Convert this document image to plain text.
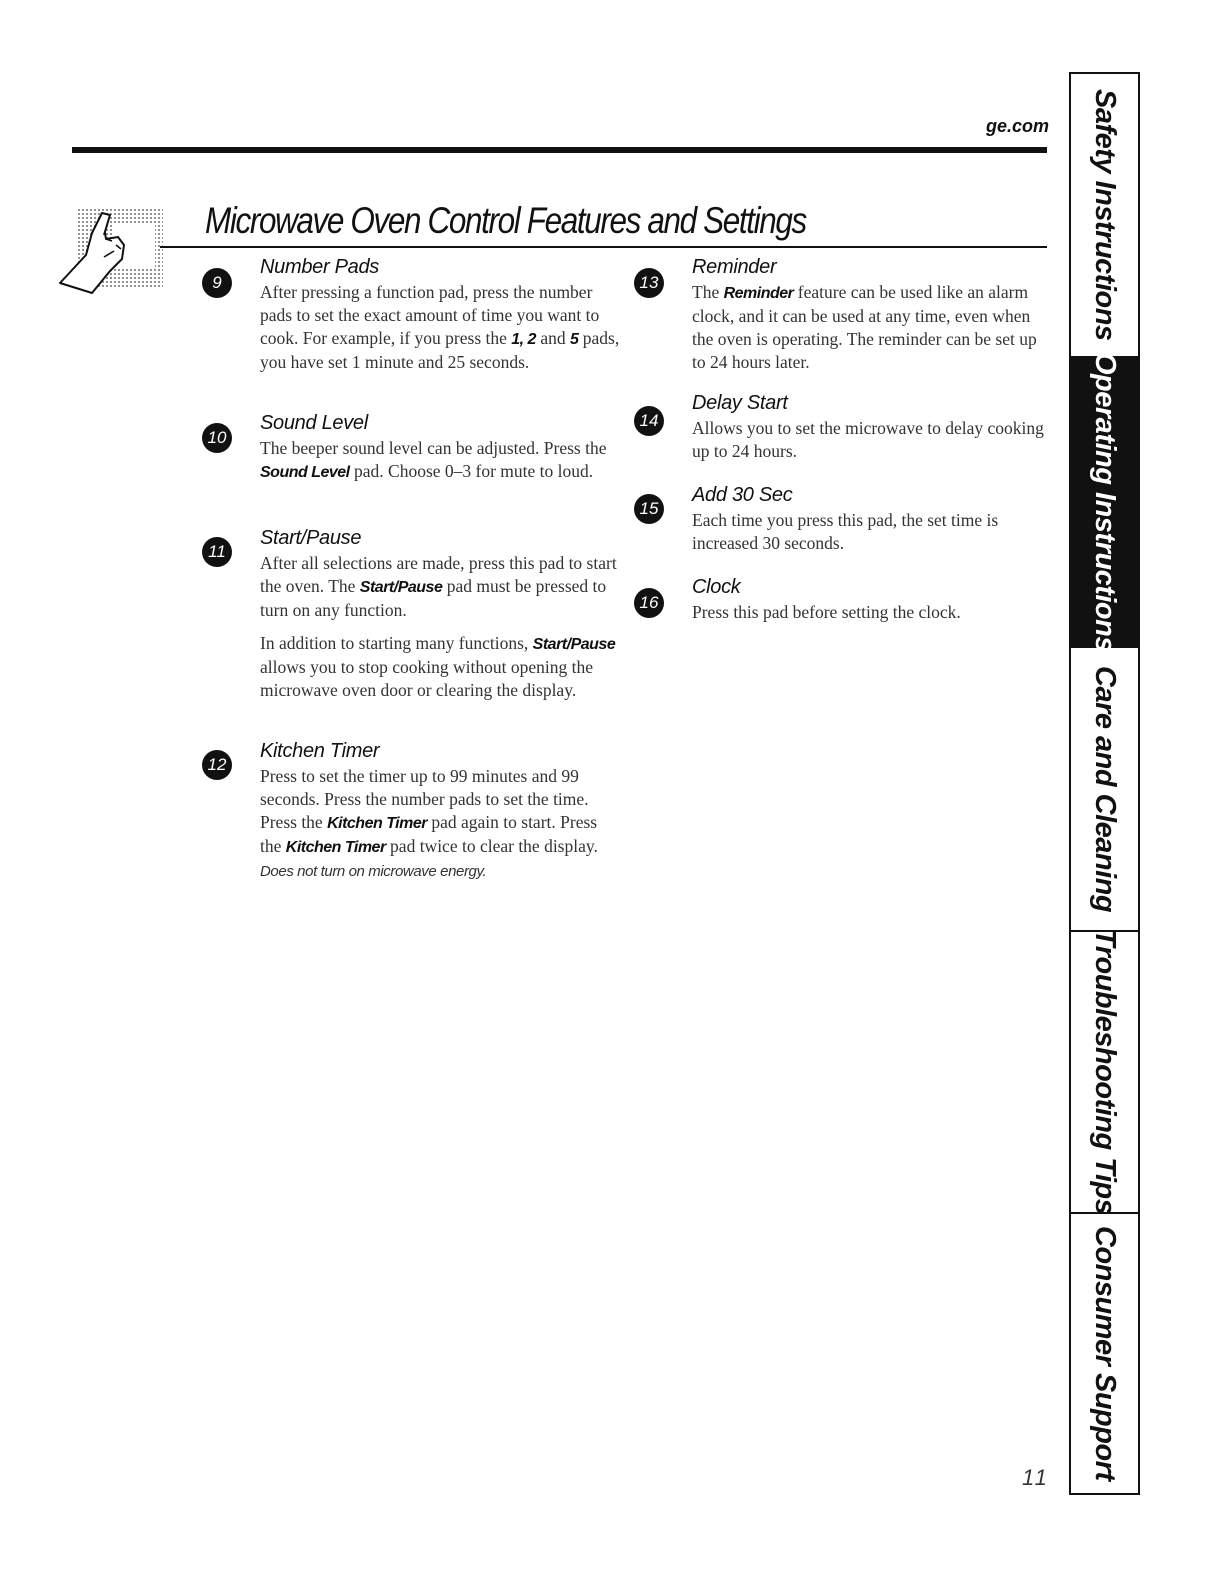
ge.com
Microwave Oven Control Features and Settings
9
Number Pads

After pressing a function pad, press the number pads to set the exact amount of time you want to cook. For example, if you press the 1, 2 and 5 pads, you have set 1 minute and 25 seconds.

10
Sound Level

The beeper sound level can be adjusted. Press the Sound Level pad. Choose 0–3 for mute to loud.

11
Start/Pause

After all selections are made, press this pad to start the oven. The Start/Pause pad must be pressed to turn on any function.

In addition to starting many functions, Start/Pause allows you to stop cooking without opening the microwave oven door or clearing the display.

12
Kitchen Timer

Press to set the timer up to 99 minutes and 99 seconds. Press the number pads to set the time. Press the Kitchen Timer pad again to start. Press the Kitchen Timer pad twice to clear the display.

Does not turn on microwave energy.
13
Reminder

The Reminder feature can be used like an alarm clock, and it can be used at any time, even when the oven is operating. The reminder can be set up to 24 hours later.

14
Delay Start

Allows you to set the microwave to delay cooking up to 24 hours.

15
Add 30 Sec

Each time you press this pad, the set time is increased 30 seconds.

16
Clock

Press this pad before setting the clock.

11
Safety Instructions
Operating Instructions
Care and Cleaning
Troubleshooting Tips
Consumer Support
